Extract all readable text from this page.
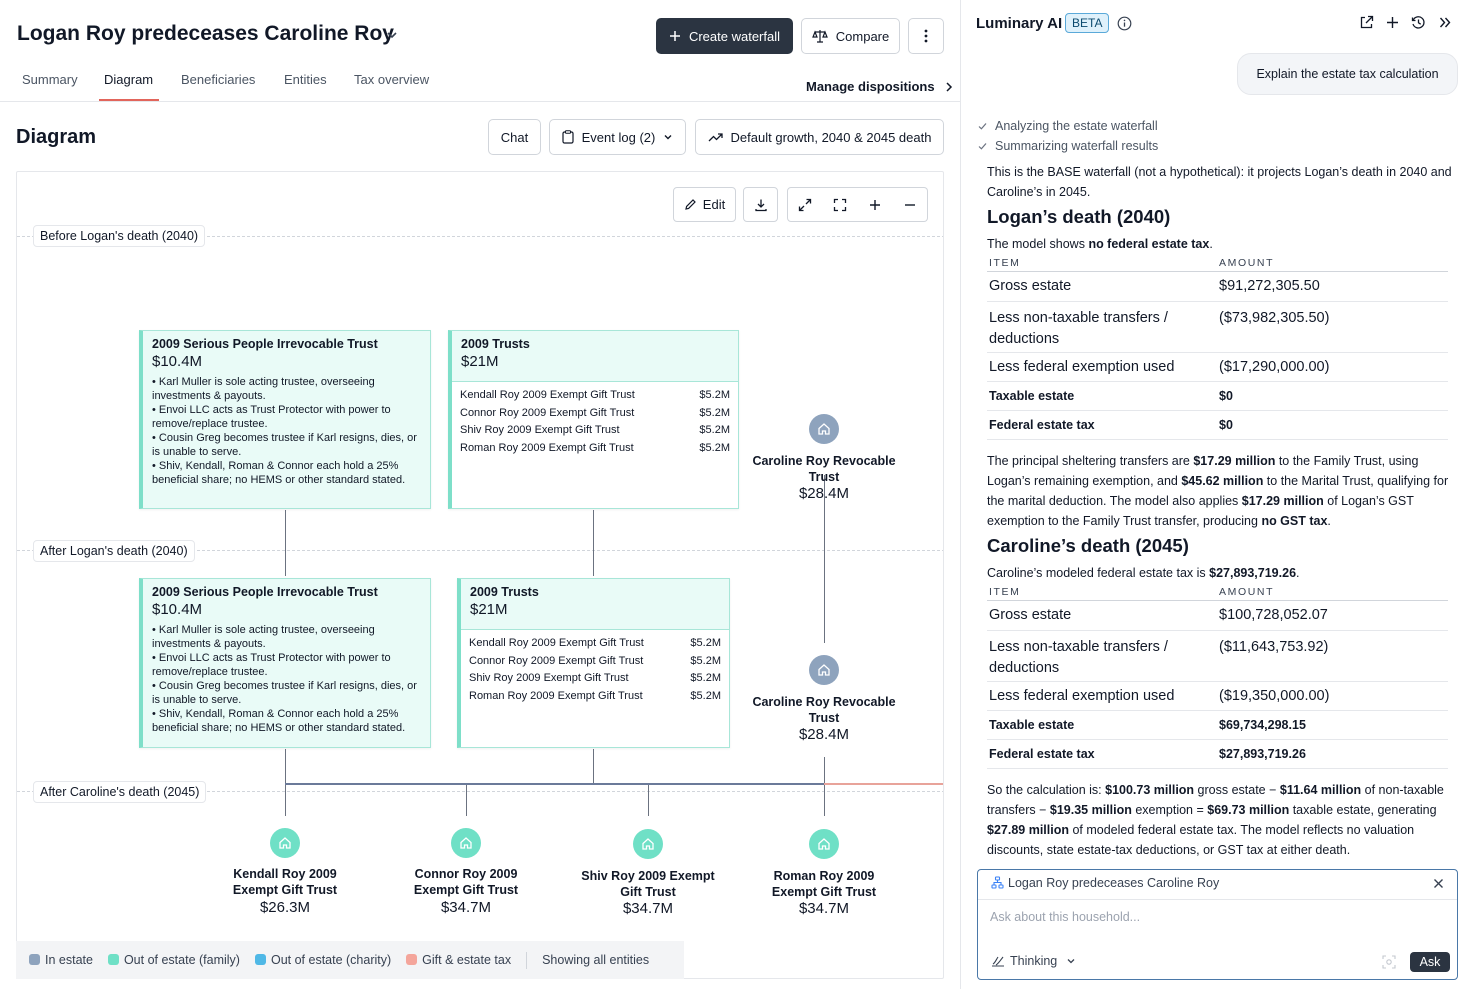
Logan Roy predeceases Caroline Roy	Create waterfall	Compare
Summary Diagram Beneficiaries Entities Tax overview	Manage dispositions
Diagram	Chat	Event log (2)	Default growth, 2040 & 2045 death
Before Logan's death (2040)
After Logan's death (2040)
After Caroline's death (2045)
2009 Serious People Irrevocable Trust
$10.4M
• Karl Muller is sole acting trustee, overseeing investments & payouts.
• Envoi LLC acts as Trust Protector with power to remove/replace trustee.
• Cousin Greg becomes trustee if Karl resigns, dies, or is unable to serve.
• Shiv, Kendall, Roman & Connor each hold a 25% beneficial share; no HEMS or other standard stated.
2009 Trusts
$21M
Kendall Roy 2009 Exempt Gift Trust	$5.2M
Connor Roy 2009 Exempt Gift Trust	$5.2M
Shiv Roy 2009 Exempt Gift Trust	$5.2M
Roman Roy 2009 Exempt Gift Trust	$5.2M
Caroline Roy Revocable Trust
$28.4M
2009 Serious People Irrevocable Trust
$10.4M
• Karl Muller is sole acting trustee, overseeing investments & payouts.
• Envoi LLC acts as Trust Protector with power to remove/replace trustee.
• Cousin Greg becomes trustee if Karl resigns, dies, or is unable to serve.
• Shiv, Kendall, Roman & Connor each hold a 25% beneficial share; no HEMS or other standard stated.
2009 Trusts
$21M
Kendall Roy 2009 Exempt Gift Trust	$5.2M
Connor Roy 2009 Exempt Gift Trust	$5.2M
Shiv Roy 2009 Exempt Gift Trust	$5.2M
Roman Roy 2009 Exempt Gift Trust	$5.2M	Caroline Roy Revocable Trust
$28.4M
Kendall Roy 2009 Exempt Gift Trust
$26.3M
Connor Roy 2009 Exempt Gift Trust
$34.7M
Shiv Roy 2009 Exempt Gift Trust
$34.7M
Roman Roy 2009 Exempt Gift Trust
$34.7M
Edit
In estate	Out of estate (family)	Out of estate (charity)	Gift & estate tax Showing all entities
Luminary AI BETA
Explain the estate tax calculation
Analyzing the estate waterfall
Summarizing waterfall results
This is the BASE waterfall (not a hypothetical): it projects Logan’s death in 2040 and Caroline’s in 2045.
Logan’s death (2040)
The model shows no federal estate tax.
ITEM	AMOUNT
Gross estate	$91,272,305.50
Less non-taxable transfers / deductions	($73,982,305.50)
Less federal exemption used	($17,290,000.00)
Taxable estate	$0
Federal estate tax	$0
The principal sheltering transfers are $17.29 million to the Family Trust, using Logan’s remaining exemption, and $45.62 million to the Marital Trust, qualifying for the marital deduction. The model also applies $17.29 million of Logan’s GST exemption to the Family Trust transfer, producing no GST tax.
Caroline’s death (2045)
Caroline’s modeled federal estate tax is $27,893,719.26.
ITEM	AMOUNT
Gross estate	$100,728,052.07
Less non-taxable transfers / deductions	($11,643,753.92)
Less federal exemption used	($19,350,000.00)
Taxable estate	$69,734,298.15
Federal estate tax	$27,893,719.26
So the calculation is: $100.73 million gross estate − $11.64 million of non-taxable transfers − $19.35 million exemption = $69.73 million taxable estate, generating $27.89 million of modeled federal estate tax. The model reflects no valuation discounts, state estate-tax deductions, or GST tax at either death.
Logan Roy predeceases Caroline Roy
Ask about this household...
Thinking	Ask
